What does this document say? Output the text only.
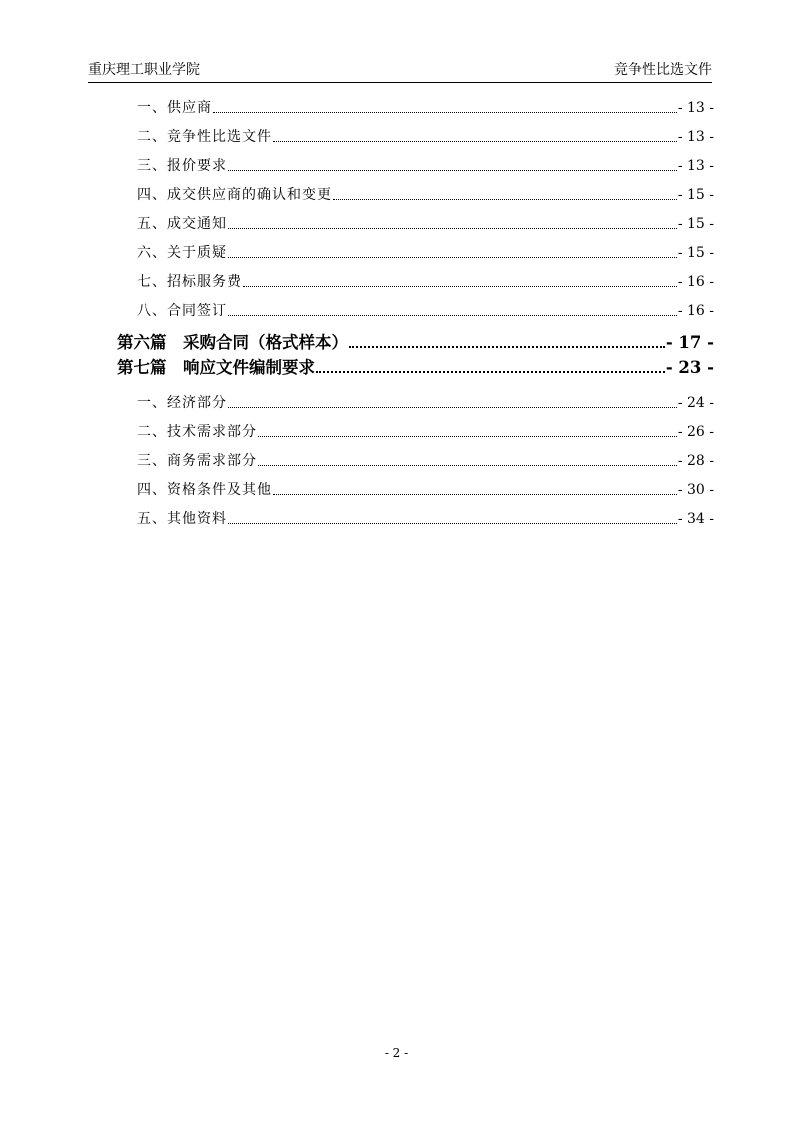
重庆理工职业学院	竞争性比选文件
一、供应商	- 13 -
二、竞争性比选文件	- 13 -
三、报价要求	- 13 -
四、成交供应商的确认和变更	- 15 -
五、成交通知	- 15 -
六、关于质疑	- 15 -
七、招标服务费	- 16 -
八、合同签订	- 16 -
第六篇　采购合同（格式样本）	- 17 -
第七篇　响应文件编制要求	- 23 -
一、经济部分	- 24 -
二、技术需求部分	- 26 -
三、商务需求部分	- 28 -
四、资格条件及其他	- 30 -
五、其他资料	- 34 -
- 2 -
